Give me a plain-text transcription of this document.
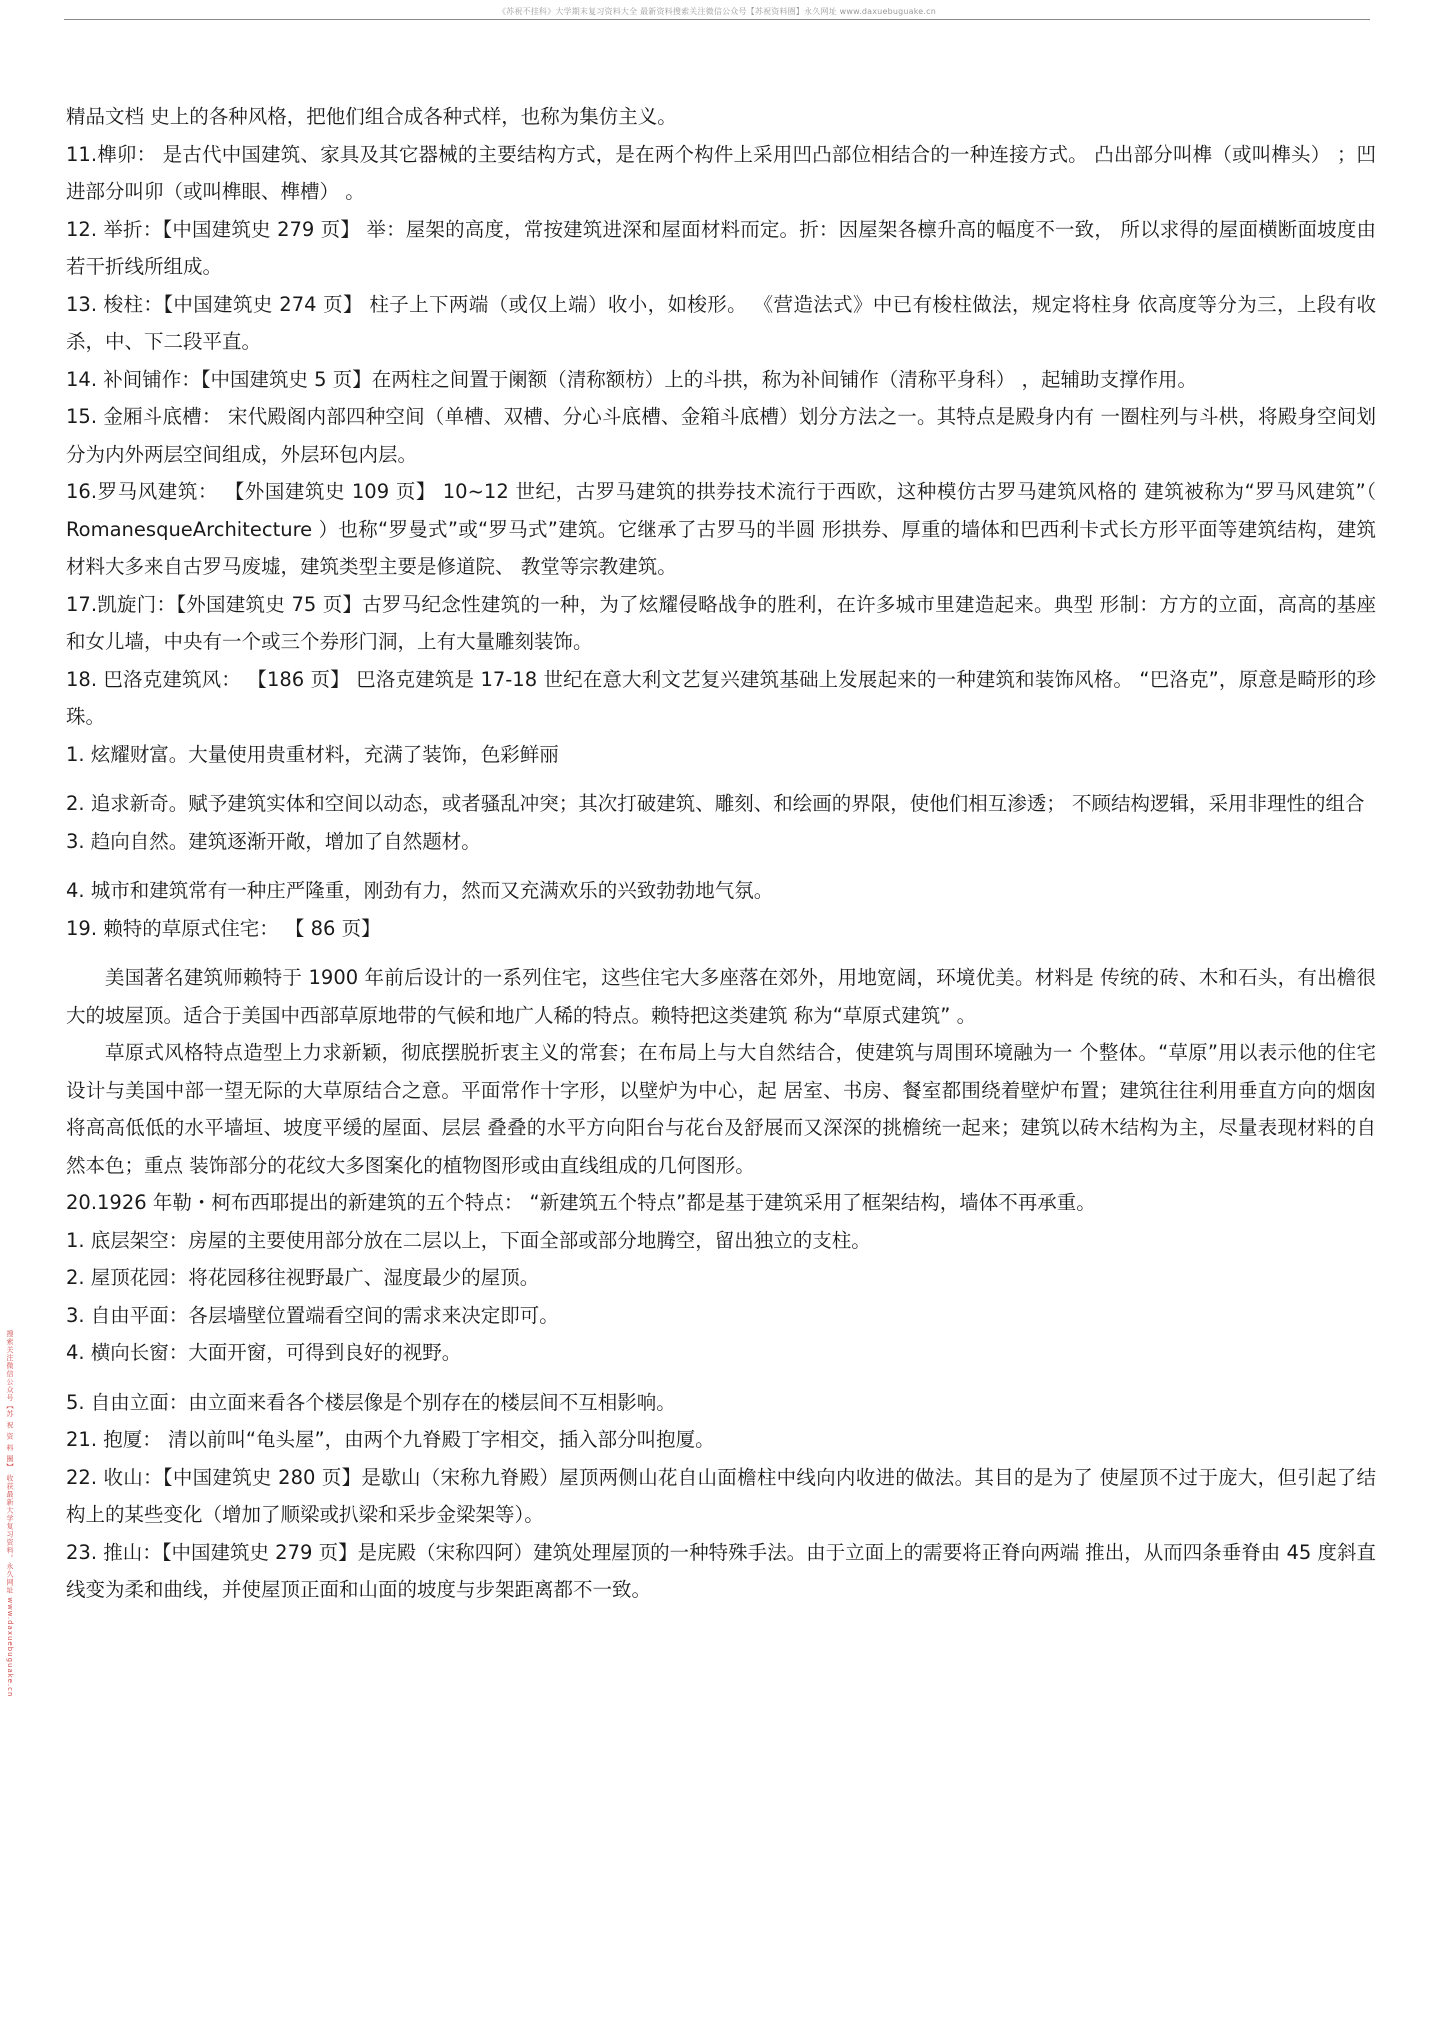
《苏祝不挂科》大学期末复习资料大全 最新资料搜索关注微信公众号【苏祝资料圈】永久网址 www.daxuebuguake.cn
搜索关注微信公众号【苏 祝 资 料 圈】 收获最新大学复习资料。永久网址 www.daxuebuguake.cn

精品文档 史上的各种风格，把他们组合成各种式样，也称为集仿主义。

11.榫卯： 是古代中国建筑、家具及其它器械的主要结构方式，是在两个构件上采用凹凸部位相结合的一种连接方式。 凸出部分叫榫（或叫榫头） ；凹进部分叫卯（或叫榫眼、榫槽） 。

12. 举折：【中国建筑史 279 页】 举：屋架的高度，常按建筑进深和屋面材料而定。折：因屋架各檩升高的幅度不一致， 所以求得的屋面横断面坡度由若干折线所组成。

13. 梭柱：【中国建筑史 274 页】 柱子上下两端（或仅上端）收小，如梭形。 《营造法式》中已有梭柱做法，规定将柱身 依高度等分为三，上段有收杀，中、下二段平直。

14. 补间铺作：【中国建筑史 5 页】在两柱之间置于阑额（清称额枋）上的斗拱，称为补间铺作（清称平身科） ，起辅助支撑作用。

15. 金厢斗底槽： 宋代殿阁内部四种空间（单槽、双槽、分心斗底槽、金箱斗底槽）划分方法之一。其特点是殿身内有 一圈柱列与斗栱，将殿身空间划分为内外两层空间组成，外层环包内层。

16.罗马风建筑： 【外国建筑史 109 页】 10~12 世纪，古罗马建筑的拱券技术流行于西欧，这种模仿古罗马建筑风格的 建筑被称为“罗马风建筑”（ RomanesqueArchitecture ）也称“罗曼式”或“罗马式”建筑。它继承了古罗马的半圆 形拱券、厚重的墙体和巴西利卡式长方形平面等建筑结构，建筑材料大多来自古罗马废墟，建筑类型主要是修道院、 教堂等宗教建筑。

17.凯旋门：【外国建筑史 75 页】古罗马纪念性建筑的一种，为了炫耀侵略战争的胜利，在许多城市里建造起来。典型 形制：方方的立面，高高的基座和女儿墙，中央有一个或三个券形门洞，上有大量雕刻装饰。

18. 巴洛克建筑风： 【186 页】 巴洛克建筑是 17-18 世纪在意大利文艺复兴建筑基础上发展起来的一种建筑和装饰风格。 “巴洛克”，原意是畸形的珍珠。

1. 炫耀财富。大量使用贵重材料，充满了装饰，色彩鲜丽

2. 追求新奇。赋予建筑实体和空间以动态，或者骚乱冲突；其次打破建筑、雕刻、和绘画的界限，使他们相互渗透； 不顾结构逻辑，采用非理性的组合

3. 趋向自然。建筑逐渐开敞，增加了自然题材。

4. 城市和建筑常有一种庄严隆重，刚劲有力，然而又充满欢乐的兴致勃勃地气氛。

19. 赖特的草原式住宅： 【 86 页】

美国著名建筑师赖特于 1900 年前后设计的一系列住宅，这些住宅大多座落在郊外，用地宽阔，环境优美。材料是 传统的砖、木和石头，有出檐很大的坡屋顶。适合于美国中西部草原地带的气候和地广人稀的特点。赖特把这类建筑 称为“草原式建筑” 。

草原式风格特点造型上力求新颖，彻底摆脱折衷主义的常套；在布局上与大自然结合，使建筑与周围环境融为一 个整体。“草原”用以表示他的住宅设计与美国中部一望无际的大草原结合之意。平面常作十字形，以壁炉为中心，起 居室、书房、餐室都围绕着壁炉布置；建筑往往利用垂直方向的烟囱将高高低低的水平墙垣、坡度平缓的屋面、层层 叠叠的水平方向阳台与花台及舒展而又深深的挑檐统一起来；建筑以砖木结构为主，尽量表现材料的自然本色；重点 装饰部分的花纹大多图案化的植物图形或由直线组成的几何图形。

20.1926 年勒・柯布西耶提出的新建筑的五个特点： “新建筑五个特点”都是基于建筑采用了框架结构，墙体不再承重。

1. 底层架空：房屋的主要使用部分放在二层以上，下面全部或部分地腾空，留出独立的支柱。

2. 屋顶花园：将花园移往视野最广、湿度最少的屋顶。

3. 自由平面：各层墙壁位置端看空间的需求来决定即可。

4. 横向长窗：大面开窗，可得到良好的视野。

5. 自由立面：由立面来看各个楼层像是个别存在的楼层间不互相影响。

21. 抱厦： 清以前叫“龟头屋”，由两个九脊殿丁字相交，插入部分叫抱厦。

22. 收山：【中国建筑史 280 页】是歇山（宋称九脊殿）屋顶两侧山花自山面檐柱中线向内收进的做法。其目的是为了 使屋顶不过于庞大，但引起了结构上的某些变化（增加了顺梁或扒梁和采步金梁架等）。

23. 推山：【中国建筑史 279 页】是庑殿（宋称四阿）建筑处理屋顶的一种特殊手法。由于立面上的需要将正脊向两端 推出，从而四条垂脊由 45 度斜直线变为柔和曲线，并使屋顶正面和山面的坡度与步架距离都不一致。
